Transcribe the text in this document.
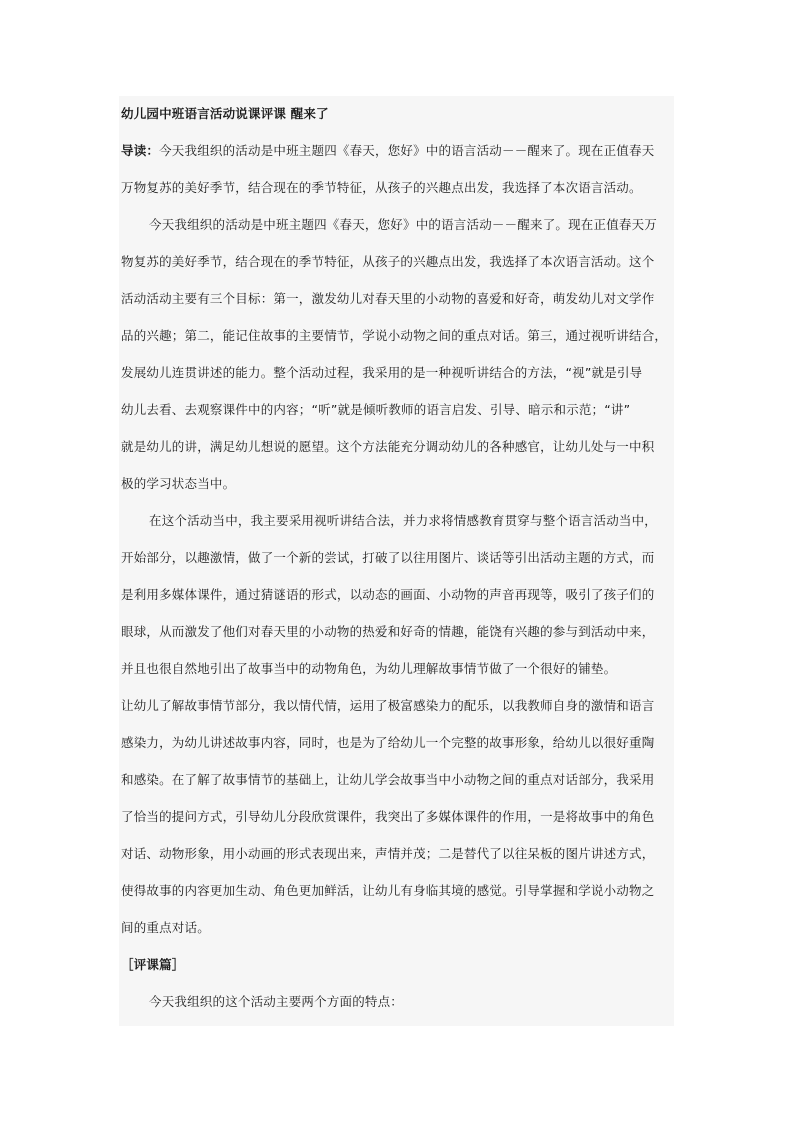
幼儿园中班语言活动说课评课 醒来了

导读：今天我组织的活动是中班主题四《春天，您好》中的语言活动－－醒来了。现在正值春天

万物复苏的美好季节，结合现在的季节特征，从孩子的兴趣点出发，我选择了本次语言活动。

今天我组织的活动是中班主题四《春天，您好》中的语言活动－－醒来了。现在正值春天万

物复苏的美好季节，结合现在的季节特征，从孩子的兴趣点出发，我选择了本次语言活动。这个

活动活动主要有三个目标：第一，激发幼儿对春天里的小动物的喜爱和好奇，萌发幼儿对文学作

品的兴趣；第二，能记住故事的主要情节，学说小动物之间的重点对话。第三，通过视听讲结合，

发展幼儿连贯讲述的能力。整个活动过程，我采用的是一种视听讲结合的方法，“视”就是引导

幼儿去看、去观察课件中的内容；“听”就是倾听教师的语言启发、引导、暗示和示范；“讲”

就是幼儿的讲，满足幼儿想说的愿望。这个方法能充分调动幼儿的各种感官，让幼儿处与一中积

极的学习状态当中。

在这个活动当中，我主要采用视听讲结合法，并力求将情感教育贯穿与整个语言活动当中，

开始部分，以趣激情，做了一个新的尝试，打破了以往用图片、谈话等引出活动主题的方式，而

是利用多媒体课件，通过猜谜语的形式，以动态的画面、小动物的声音再现等，吸引了孩子们的

眼球，从而激发了他们对春天里的小动物的热爱和好奇的情趣，能饶有兴趣的参与到活动中来，

并且也很自然地引出了故事当中的动物角色，为幼儿理解故事情节做了一个很好的铺垫。

让幼儿了解故事情节部分，我以情代情，运用了极富感染力的配乐，以我教师自身的激情和语言

感染力，为幼儿讲述故事内容，同时，也是为了给幼儿一个完整的故事形象，给幼儿以很好重陶

和感染。在了解了故事情节的基础上，让幼儿学会故事当中小动物之间的重点对话部分，我采用

了恰当的提问方式，引导幼儿分段欣赏课件，我突出了多媒体课件的作用，一是将故事中的角色

对话、动物形象，用小动画的形式表现出来，声情并茂；二是替代了以往呆板的图片讲述方式，

使得故事的内容更加生动、角色更加鲜活，让幼儿有身临其境的感觉。引导掌握和学说小动物之

间的重点对话。

［评课篇］

今天我组织的这个活动主要两个方面的特点：
